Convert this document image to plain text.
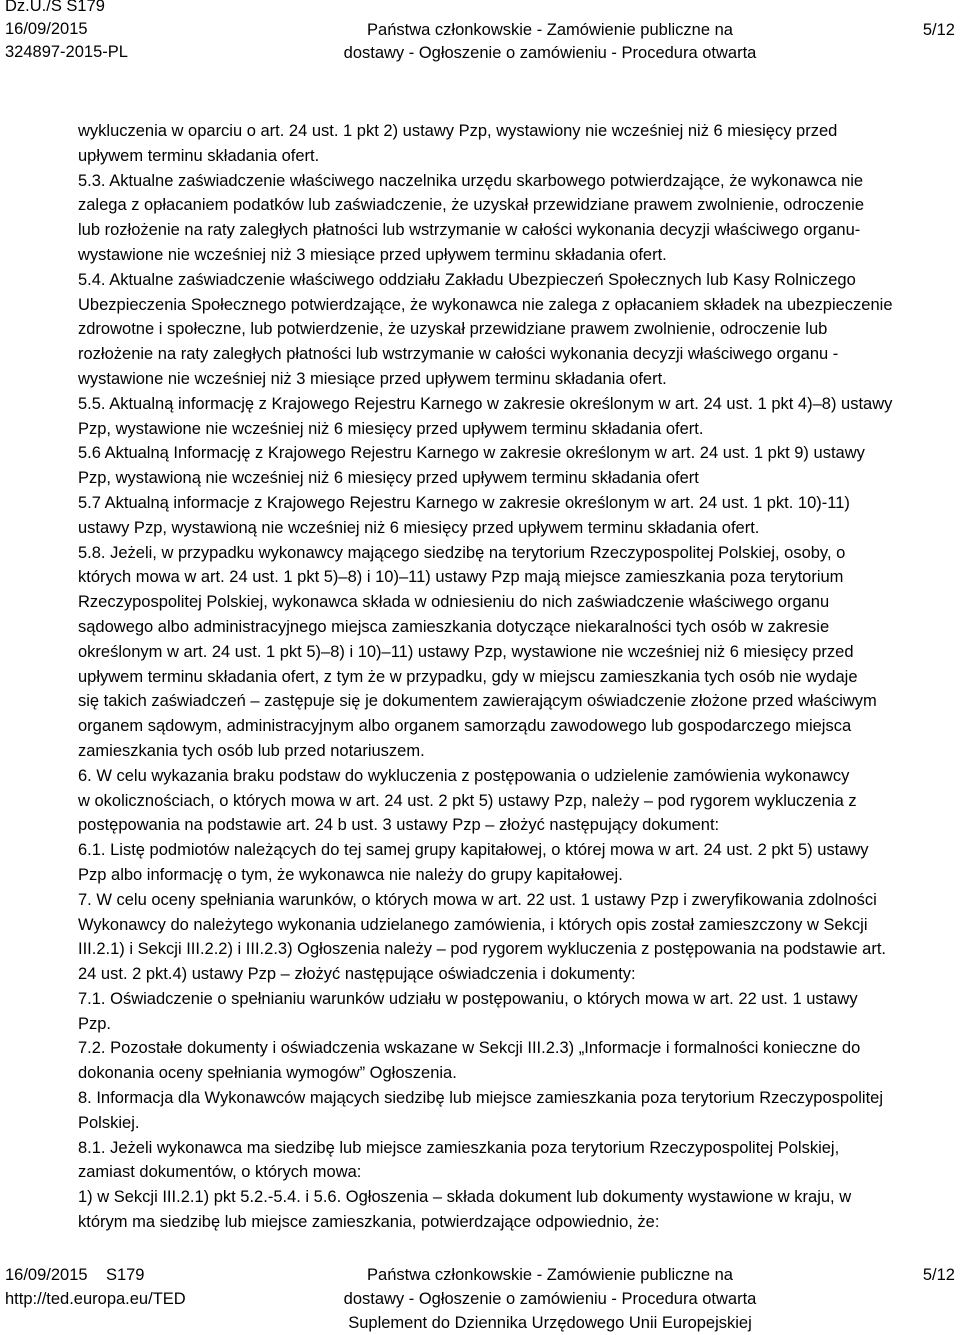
Dz.U./S S179
16/09/2015
324897-2015-PL
Państwa członkowskie - Zamówienie publiczne na
dostawy - Ogłoszenie o zamówieniu - Procedura otwarta
5/12

wykluczenia w oparciu o art. 24 ust. 1 pkt 2) ustawy Pzp, wystawiony nie wcześniej niż 6 miesięcy przed
upływem terminu składania ofert.

5.3. Aktualne zaświadczenie właściwego naczelnika urzędu skarbowego potwierdzające, że wykonawca nie
zalega z opłacaniem podatków lub zaświadczenie, że uzyskał przewidziane prawem zwolnienie, odroczenie
lub rozłożenie na raty zaległych płatności lub wstrzymanie w całości wykonania decyzji właściwego organu-
wystawione nie wcześniej niż 3 miesiące przed upływem terminu składania ofert.

5.4. Aktualne zaświadczenie właściwego oddziału Zakładu Ubezpieczeń Społecznych lub Kasy Rolniczego
Ubezpieczenia Społecznego potwierdzające, że wykonawca nie zalega z opłacaniem składek na ubezpieczenie
zdrowotne i społeczne, lub potwierdzenie, że uzyskał przewidziane prawem zwolnienie, odroczenie lub
rozłożenie na raty zaległych płatności lub wstrzymanie w całości wykonania decyzji właściwego organu -
wystawione nie wcześniej niż 3 miesiące przed upływem terminu składania ofert.

5.5. Aktualną informację z Krajowego Rejestru Karnego w zakresie określonym w art. 24 ust. 1 pkt 4)–8) ustawy
Pzp, wystawione nie wcześniej niż 6 miesięcy przed upływem terminu składania ofert.

5.6 Aktualną Informację z Krajowego Rejestru Karnego w zakresie określonym w art. 24 ust. 1 pkt 9) ustawy
Pzp, wystawioną nie wcześniej niż 6 miesięcy przed upływem terminu składania ofert

5.7 Aktualną informacje z Krajowego Rejestru Karnego w zakresie określonym w art. 24 ust. 1 pkt. 10)-11)
ustawy Pzp, wystawioną nie wcześniej niż 6 miesięcy przed upływem terminu składania ofert.

5.8. Jeżeli, w przypadku wykonawcy mającego siedzibę na terytorium Rzeczypospolitej Polskiej, osoby, o
których mowa w art. 24 ust. 1 pkt 5)–8) i 10)–11) ustawy Pzp mają miejsce zamieszkania poza terytorium
Rzeczypospolitej Polskiej, wykonawca składa w odniesieniu do nich zaświadczenie właściwego organu
sądowego albo administracyjnego miejsca zamieszkania dotyczące niekaralności tych osób w zakresie
określonym w art. 24 ust. 1 pkt 5)–8) i 10)–11) ustawy Pzp, wystawione nie wcześniej niż 6 miesięcy przed
upływem terminu składania ofert, z tym że w przypadku, gdy w miejscu zamieszkania tych osób nie wydaje
się takich zaświadczeń – zastępuje się je dokumentem zawierającym oświadczenie złożone przed właściwym
organem sądowym, administracyjnym albo organem samorządu zawodowego lub gospodarczego miejsca
zamieszkania tych osób lub przed notariuszem.

6. W celu wykazania braku podstaw do wykluczenia z postępowania o udzielenie zamówienia wykonawcy
w okolicznościach, o których mowa w art. 24 ust. 2 pkt 5) ustawy Pzp, należy – pod rygorem wykluczenia z
postępowania na podstawie art. 24 b ust. 3 ustawy Pzp – złożyć następujący dokument:

6.1. Listę podmiotów należących do tej samej grupy kapitałowej, o której mowa w art. 24 ust. 2 pkt 5) ustawy
Pzp albo informację o tym, że wykonawca nie należy do grupy kapitałowej.

7. W celu oceny spełniania warunków, o których mowa w art. 22 ust. 1 ustawy Pzp i zweryfikowania zdolności
Wykonawcy do należytego wykonania udzielanego zamówienia, i których opis został zamieszczony w Sekcji
III.2.1) i Sekcji III.2.2) i III.2.3) Ogłoszenia należy – pod rygorem wykluczenia z postępowania na podstawie art.
24 ust. 2 pkt.4) ustawy Pzp – złożyć następujące oświadczenia i dokumenty:

7.1. Oświadczenie o spełnianiu warunków udziału w postępowaniu, o których mowa w art. 22 ust. 1 ustawy
Pzp.

7.2. Pozostałe dokumenty i oświadczenia wskazane w Sekcji III.2.3) „Informacje i formalności konieczne do
dokonania oceny spełniania wymogów” Ogłoszenia.

8. Informacja dla Wykonawców mających siedzibę lub miejsce zamieszkania poza terytorium Rzeczypospolitej
Polskiej.

8.1. Jeżeli wykonawca ma siedzibę lub miejsce zamieszkania poza terytorium Rzeczypospolitej Polskiej,
zamiast dokumentów, o których mowa:

1) w Sekcji III.2.1) pkt 5.2.-5.4. i 5.6. Ogłoszenia – składa dokument lub dokumenty wystawione w kraju, w
którym ma siedzibę lub miejsce zamieszkania, potwierdzające odpowiednio, że:

16/09/2015 S179
http://ted.europa.eu/TED
Państwa członkowskie - Zamówienie publiczne na
dostawy - Ogłoszenie o zamówieniu - Procedura otwarta
Suplement do Dziennika Urzędowego Unii Europejskiej
5/12
